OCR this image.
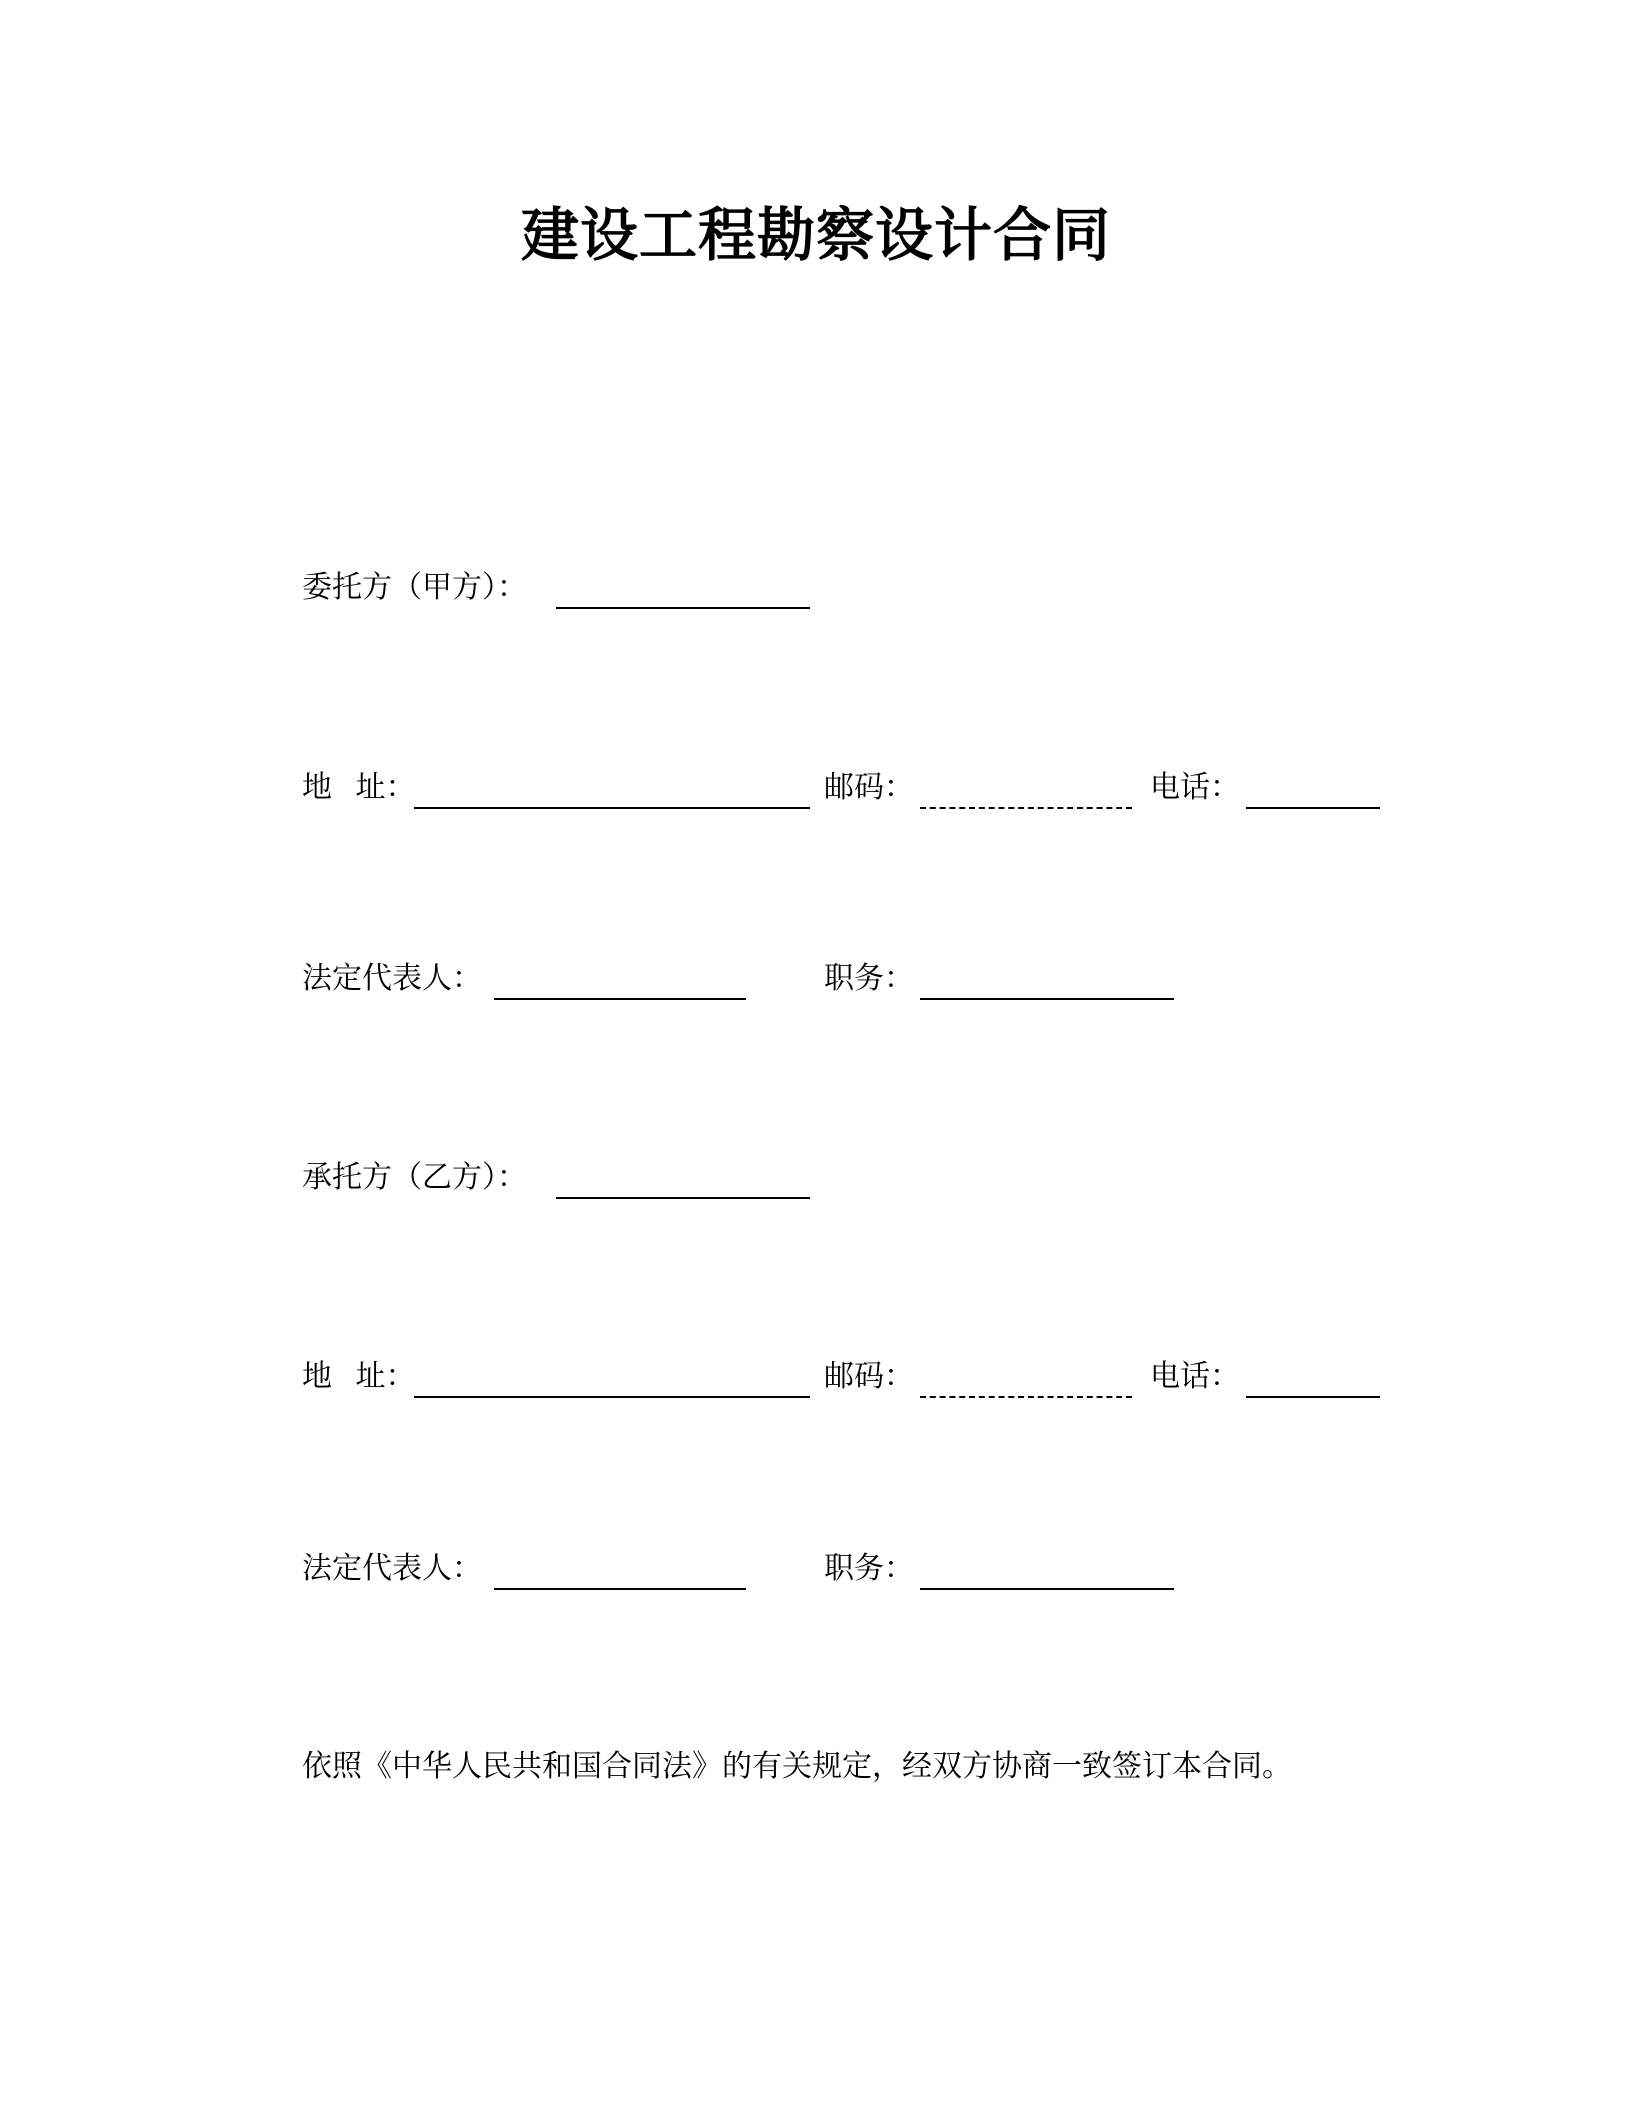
建设工程勘察设计合同
委托方（甲方）：
地 址：	邮码：	电话：
法定代表人：	职务：
承托方（乙方）：
地 址：	邮码：	电话：
法定代表人：	职务：

依照《中华人民共和国合同法》的有关规定，经双方协商一致签订本合同。
